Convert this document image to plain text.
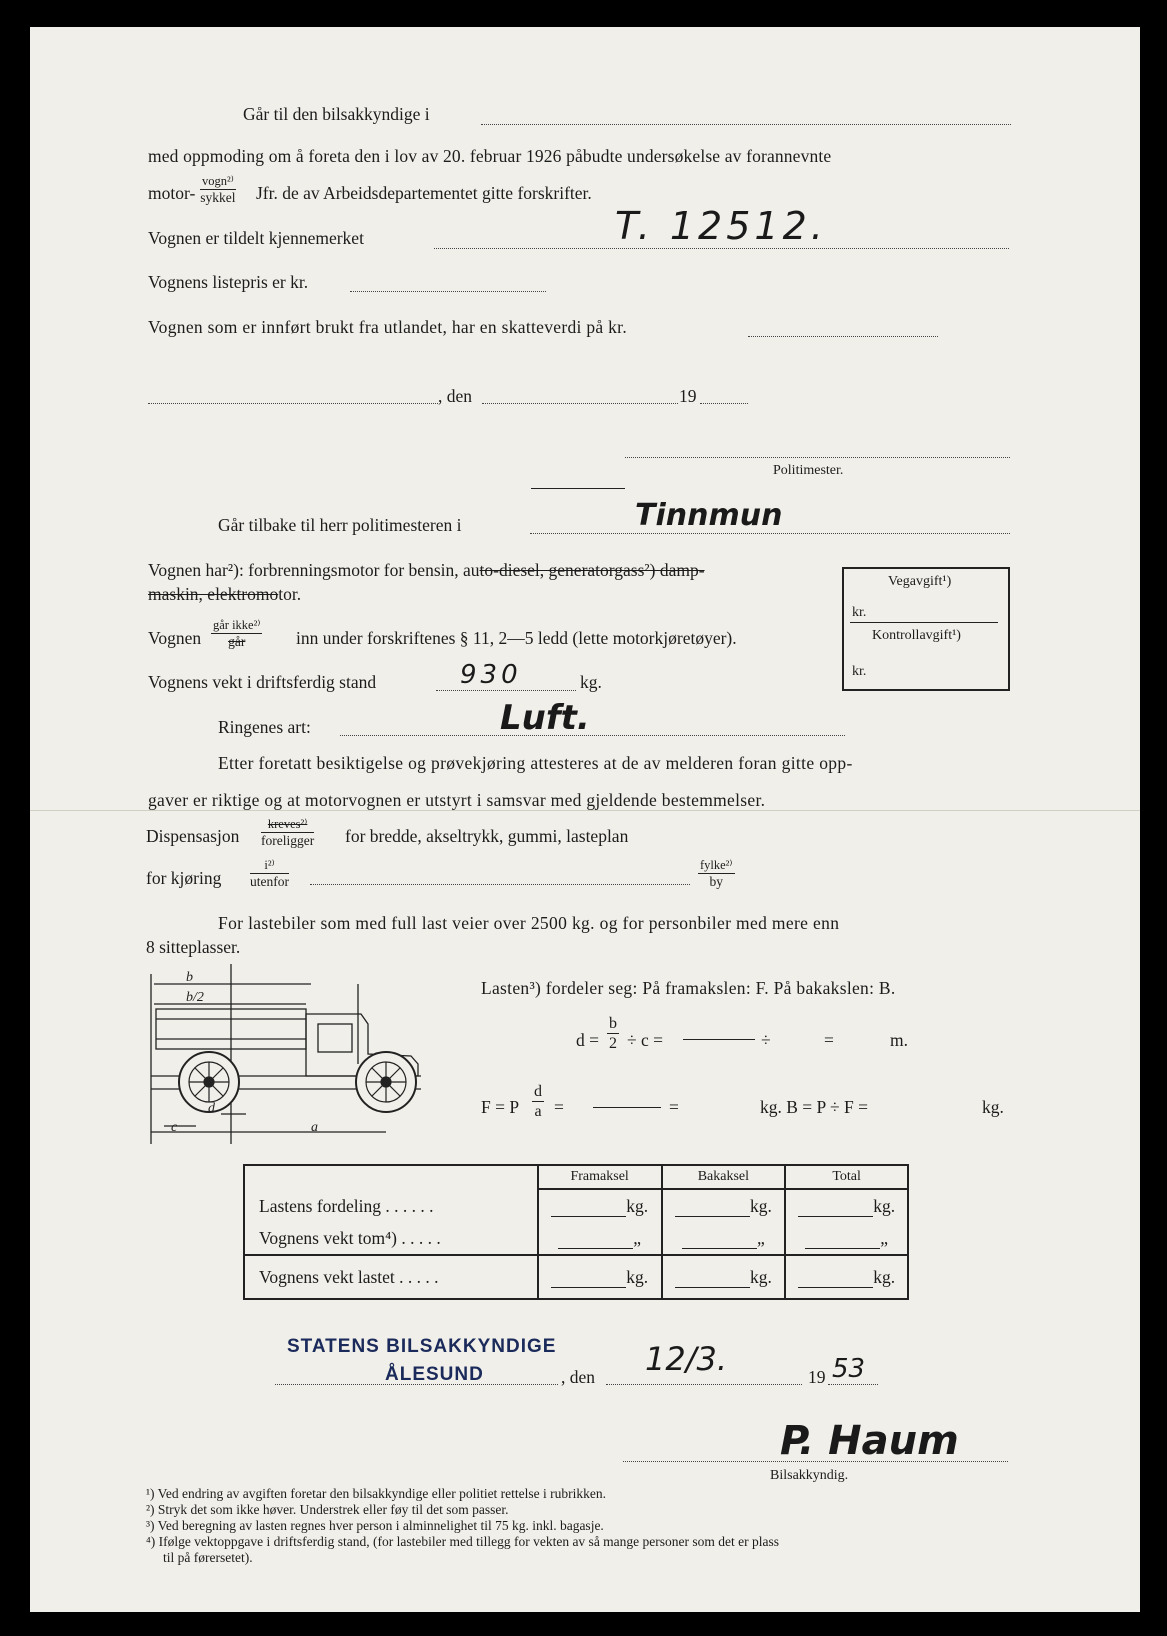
Går til den bilsakkyndige i
med oppmoding om å foreta den i lov av 20. februar 1926 påbudte undersøkelse av forannevnte
motor-
vogn²⁾
sykkel Jfr. de av Arbeidsdepartementet gitte forskrifter.
Vognen er tildelt kjennemerket	T. 12512.
Vognens listepris er kr.
Vognen som er innført brukt fra utlandet, har en skatteverdi på kr.
, den	19
Politimester.
Går tilbake til herr politimesteren i	Tinnmun
Vognen har²): forbrenningsmotor for bensin, auto-diesel, generatorgass²) damp-
maskin, elektromotor.
Vognen
går ikke²⁾
går	inn under forskriftenes § 11, 2—5 ledd (lette motorkjøretøyer).
Vognens vekt i driftsferdig stand	930	kg.
Ringenes art:	Luft.
Vegavgift¹)
kr.
Kontrollavgift¹)
kr.
Etter foretatt besiktigelse og prøvekjøring attesteres at de av melderen foran gitte opp-
gaver er riktige og at motorvognen er utstyrt i samsvar med gjeldende bestemmelser.
Dispensasjon
kreves²⁾
foreligger for bredde, akseltrykk, gummi, lasteplan
for kjøring
i²⁾
utenfor
fylke²⁾
by
For lastebiler som med full last veier over 2500 kg. og for personbiler med mere enn
8 sitteplasser.
b
b/2
d
c	a
Lasten³) fordeler seg: På framakslen: F. På bakakslen: B.
$d = \frac{b}{2} \div c$ =	÷	=	m.
F = P $\frac{d}{a}$ =	=	kg. B = P ÷ F =	kg.
	Framaksel	Bakaksel	Total
Lastens fordeling . . . . . .	kg.	kg.	kg.
Vognens vekt tom⁴) . . . . .	„	„	„
Vognens vekt lastet . . . . .	kg.	kg.	kg.
STATENS BILSAKKYNDIGE
ÅLESUND	, den 12/3.	19 53
P. Haum
Bilsakkyndig.
¹) Ved endring av avgiften foretar den bilsakkyndige eller politiet rettelse i rubrikken.
²) Stryk det som ikke høver. Understrek eller føy til det som passer.
³) Ved beregning av lasten regnes hver person i alminnelighet til 75 kg. inkl. bagasje.
⁴) Ifølge vektoppgave i driftsferdig stand, (for lastebiler med tillegg for vekten av så mange personer som det er plass
til på førersetet).
